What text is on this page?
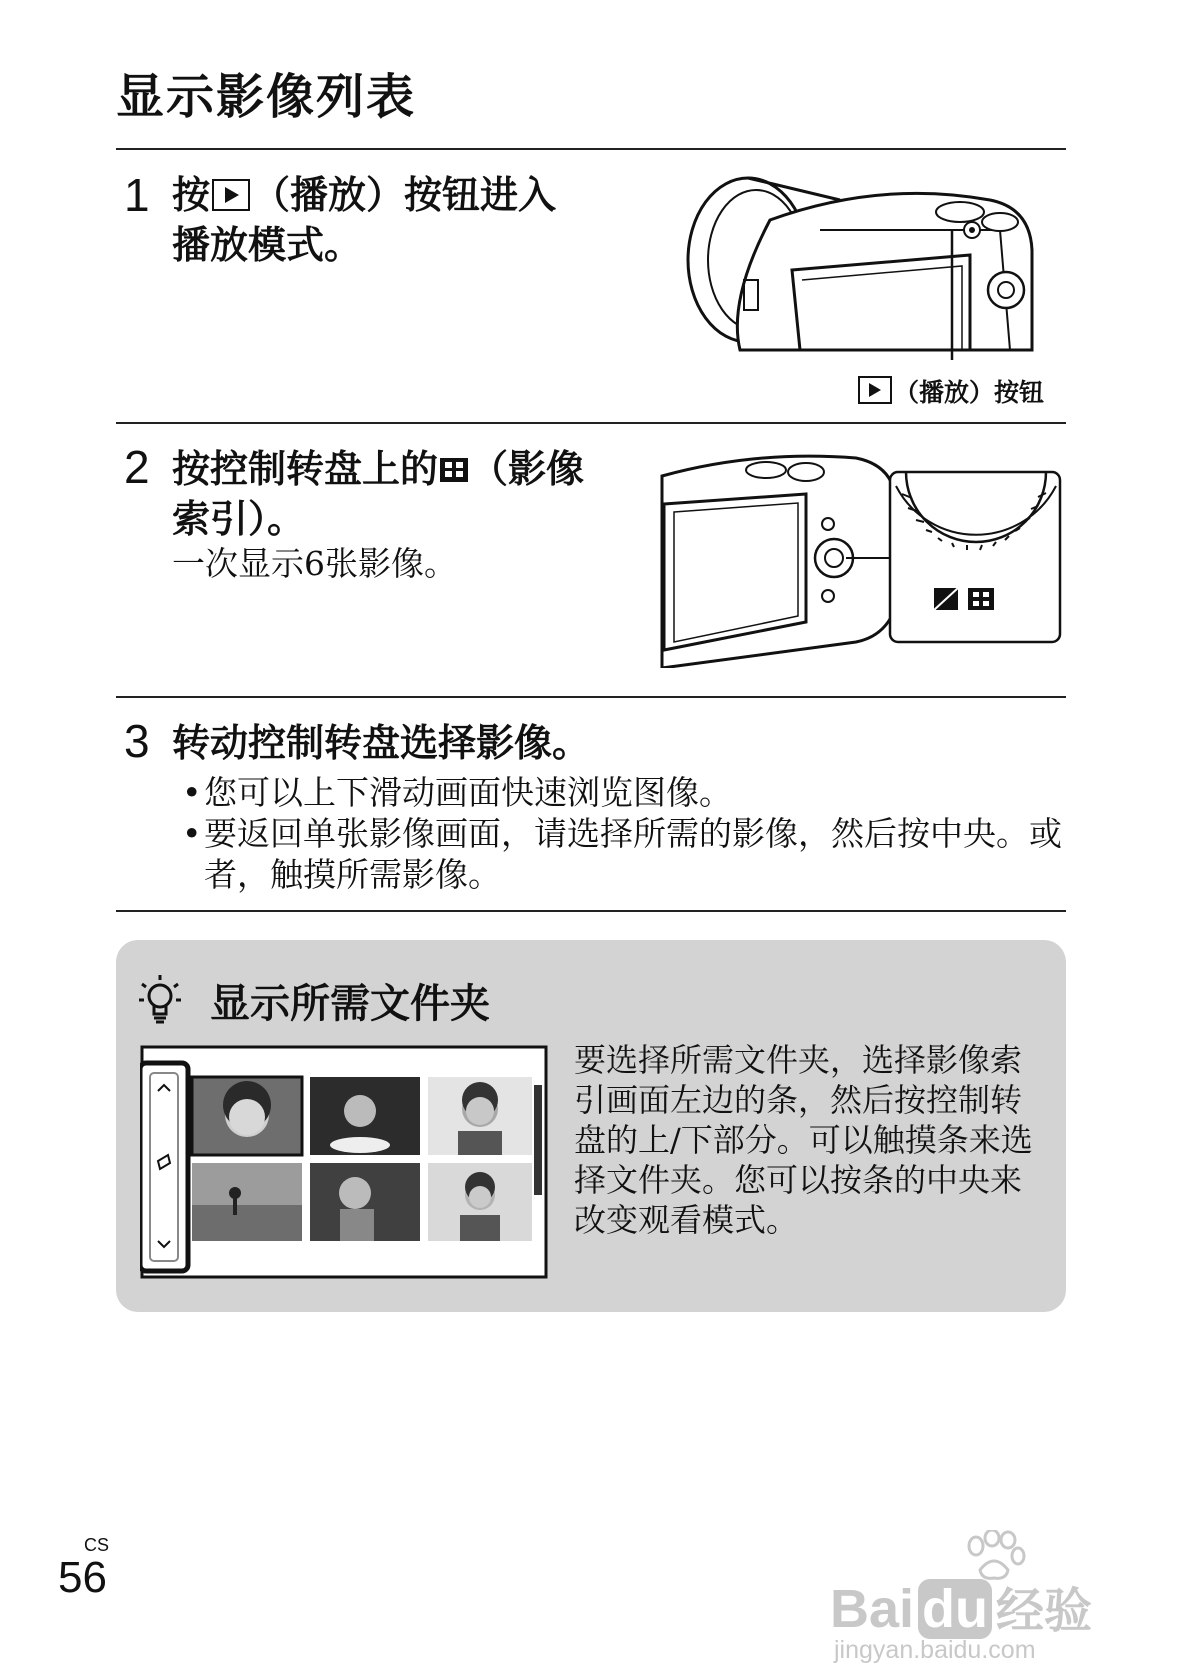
显示影像列表
1 按 （播放）按钮进入
播放模式。
（播放）按钮
2 按控制转盘上的 （影像
索引）。
一次显示6张影像。
3 转动控制转盘选择影像。
• 您可以上下滑动画面快速浏览图像。
• 要返回单张影像画面，请选择所需的影像，然后按中央。或者，触摸所需影像。
显示所需文件夹
要选择所需文件夹，选择影像索引画面左边的条，然后按控制转盘的上/下部分。可以触摸条来选择文件夹。您可以按条的中央来改变观看模式。
CS
56
Bai du 经验
jingyan.baidu.com
